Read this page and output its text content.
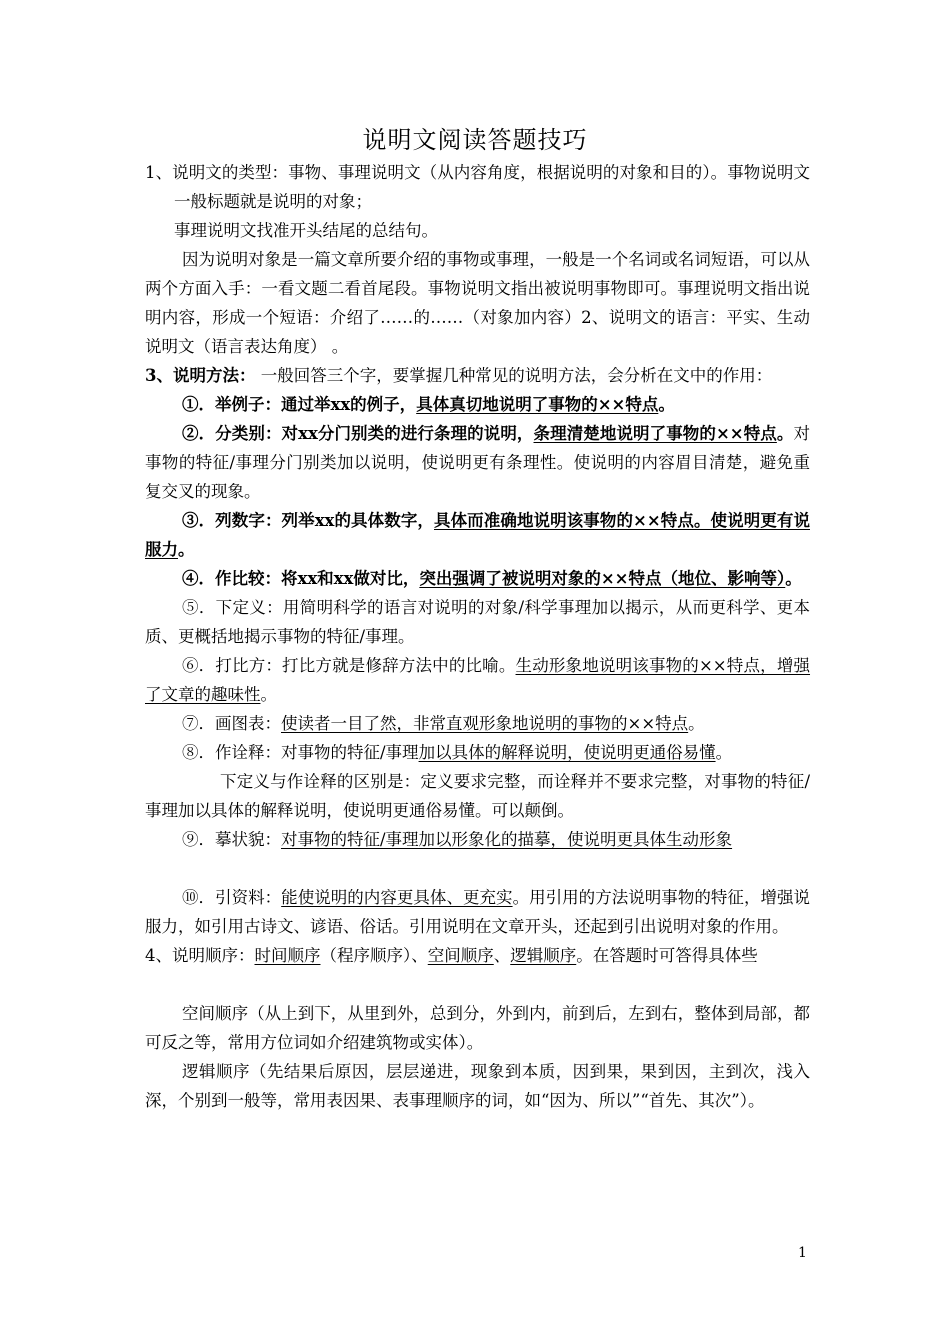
说明文阅读答题技巧

1、说明文的类型：事物、事理说明文（从内容角度，根据说明的对象和目的）。事物说明文一般标题就是说明的对象；

事理说明文找准开头结尾的总结句。

因为说明对象是一篇文章所要介绍的事物或事理，一般是一个名词或名词短语，可以从两个方面入手：一看文题二看首尾段。事物说明文指出被说明事物即可。事理说明文指出说明内容，形成一个短语：介绍了……的……（对象加内容）2、说明文的语言：平实、生动说明文（语言表达角度） 。

3、说明方法： 一般回答三个字，要掌握几种常见的说明方法，会分析在文中的作用：

①．举例子：通过举xx的例子，具体真切地说明了事物的××特点。

②．分类别：对xx分门别类的进行条理的说明，条理清楚地说明了事物的××特点。对事物的特征/事理分门别类加以说明，使说明更有条理性。使说明的内容眉目清楚，避免重复交叉的现象。

③．列数字：列举xx的具体数字，具体而准确地说明该事物的××特点。使说明更有说服力。

④．作比较：将xx和xx做对比，突出强调了被说明对象的××特点（地位、影响等）。

⑤．下定义：用简明科学的语言对说明的对象/科学事理加以揭示，从而更科学、更本质、更概括地揭示事物的特征/事理。

⑥．打比方：打比方就是修辞方法中的比喻。生动形象地说明该事物的××特点，增强了文章的趣味性。

⑦．画图表：使读者一目了然，非常直观形象地说明的事物的××特点。

⑧．作诠释：对事物的特征/事理加以具体的解释说明，使说明更通俗易懂。

下定义与作诠释的区别是：定义要求完整，而诠释并不要求完整，对事物的特征/事理加以具体的解释说明，使说明更通俗易懂。可以颠倒。

⑨．摹状貌：对事物的特征/事理加以形象化的描摹，使说明更具体生动形象

⑩．引资料：能使说明的内容更具体、更充实。用引用的方法说明事物的特征，增强说服力，如引用古诗文、谚语、俗话。引用说明在文章开头，还起到引出说明对象的作用。

4、说明顺序：时间顺序（程序顺序）、空间顺序、逻辑顺序。在答题时可答得具体些

空间顺序（从上到下，从里到外，总到分，外到内，前到后，左到右，整体到局部，都可反之等，常用方位词如介绍建筑物或实体）。

逻辑顺序（先结果后原因，层层递进，现象到本质，因到果，果到因，主到次，浅入深，个别到一般等，常用表因果、表事理顺序的词，如“因为、所以”“首先、其次”）。

1
